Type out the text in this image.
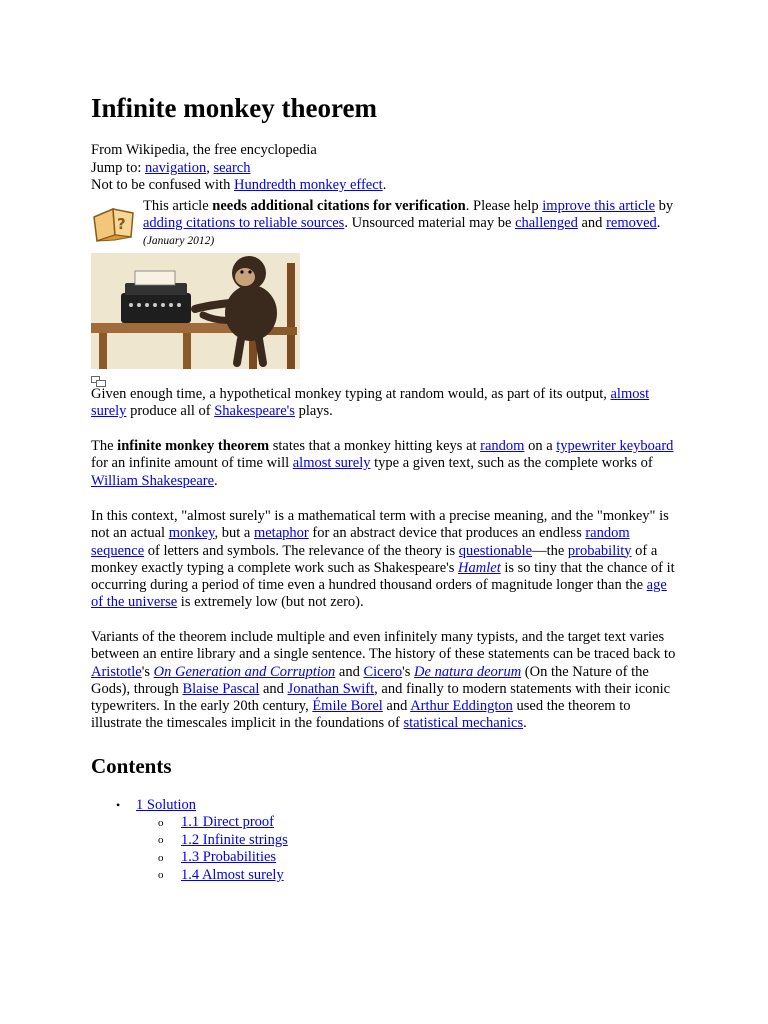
Infinite monkey theorem
From Wikipedia, the free encyclopedia
Jump to: navigation, search
Not to be confused with Hundredth monkey effect.
?
This article needs additional citations for verification. Please help improve this article by adding citations to reliable sources. Unsourced material may be challenged and removed. (January 2012)
Given enough time, a hypothetical monkey typing at random would, as part of its output, almost surely produce all of Shakespeare's plays.
The infinite monkey theorem states that a monkey hitting keys at random on a typewriter keyboard for an infinite amount of time will almost surely type a given text, such as the complete works of William Shakespeare.
In this context, "almost surely" is a mathematical term with a precise meaning, and the "monkey" is not an actual monkey, but a metaphor for an abstract device that produces an endless random sequence of letters and symbols. The relevance of the theory is questionable—the probability of a monkey exactly typing a complete work such as Shakespeare's Hamlet is so tiny that the chance of it occurring during a period of time even a hundred thousand orders of magnitude longer than the age of the universe is extremely low (but not zero).
Variants of the theorem include multiple and even infinitely many typists, and the target text varies between an entire library and a single sentence. The history of these statements can be traced back to Aristotle's On Generation and Corruption and Cicero's De natura deorum (On the Nature of the Gods), through Blaise Pascal and Jonathan Swift, and finally to modern statements with their iconic typewriters. In the early 20th century, Émile Borel and Arthur Eddington used the theorem to illustrate the timescales implicit in the foundations of statistical mechanics.
Contents
• 1 Solution
o 1.1 Direct proof
o 1.2 Infinite strings
o 1.3 Probabilities
o 1.4 Almost surely
